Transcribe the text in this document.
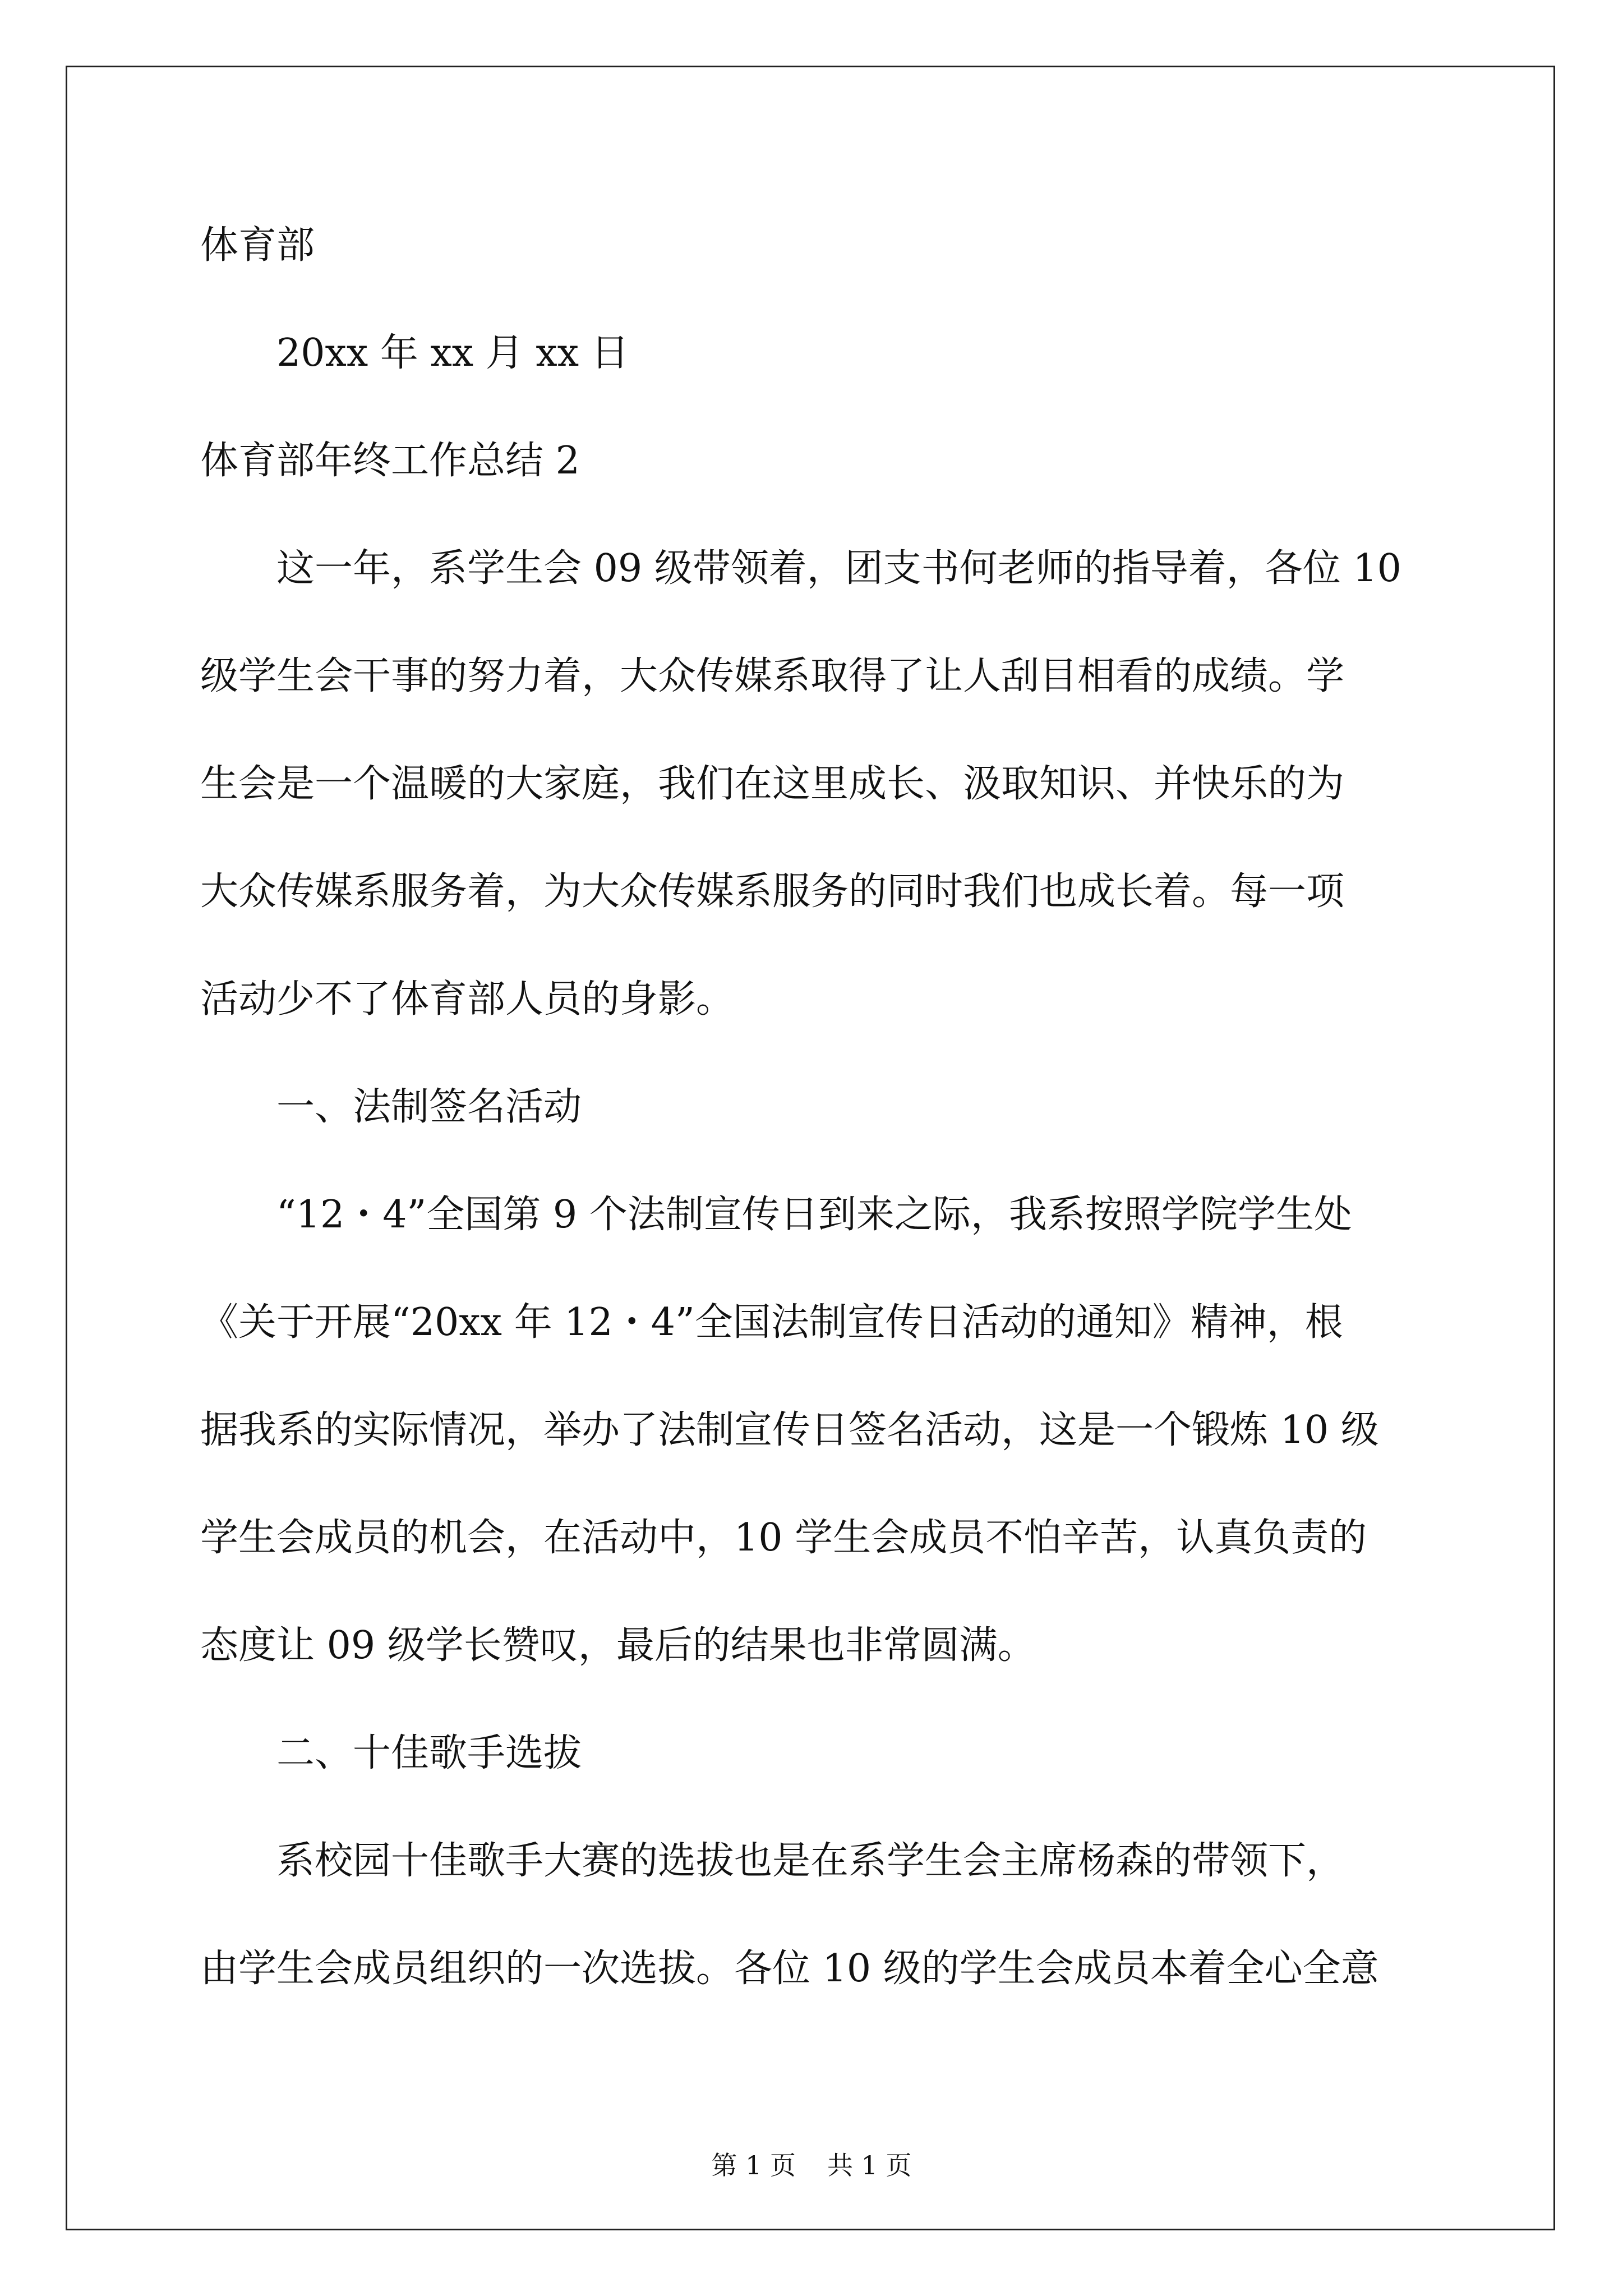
体育部

20xx 年 xx 月 xx 日

体育部年终工作总结 2

这一年，系学生会 09 级带领着，团支书何老师的指导着，各位 10
级学生会干事的努力着，大众传媒系取得了让人刮目相看的成绩。学
生会是一个温暖的大家庭，我们在这里成长、汲取知识、并快乐的为
大众传媒系服务着，为大众传媒系服务的同时我们也成长着。每一项
活动少不了体育部人员的身影。

一、法制签名活动

“12・4”全国第 9 个法制宣传日到来之际，我系按照学院学生处
《关于开展“20xx 年 12・4”全国法制宣传日活动的通知》精神，根
据我系的实际情况，举办了法制宣传日签名活动，这是一个锻炼 10 级
学生会成员的机会，在活动中，10 学生会成员不怕辛苦，认真负责的
态度让 09 级学长赞叹，最后的结果也非常圆满。

二、十佳歌手选拔

系校园十佳歌手大赛的选拔也是在系学生会主席杨森的带领下，
由学生会成员组织的一次选拔。各位 10 级的学生会成员本着全心全意
第 1 页 共 1 页
